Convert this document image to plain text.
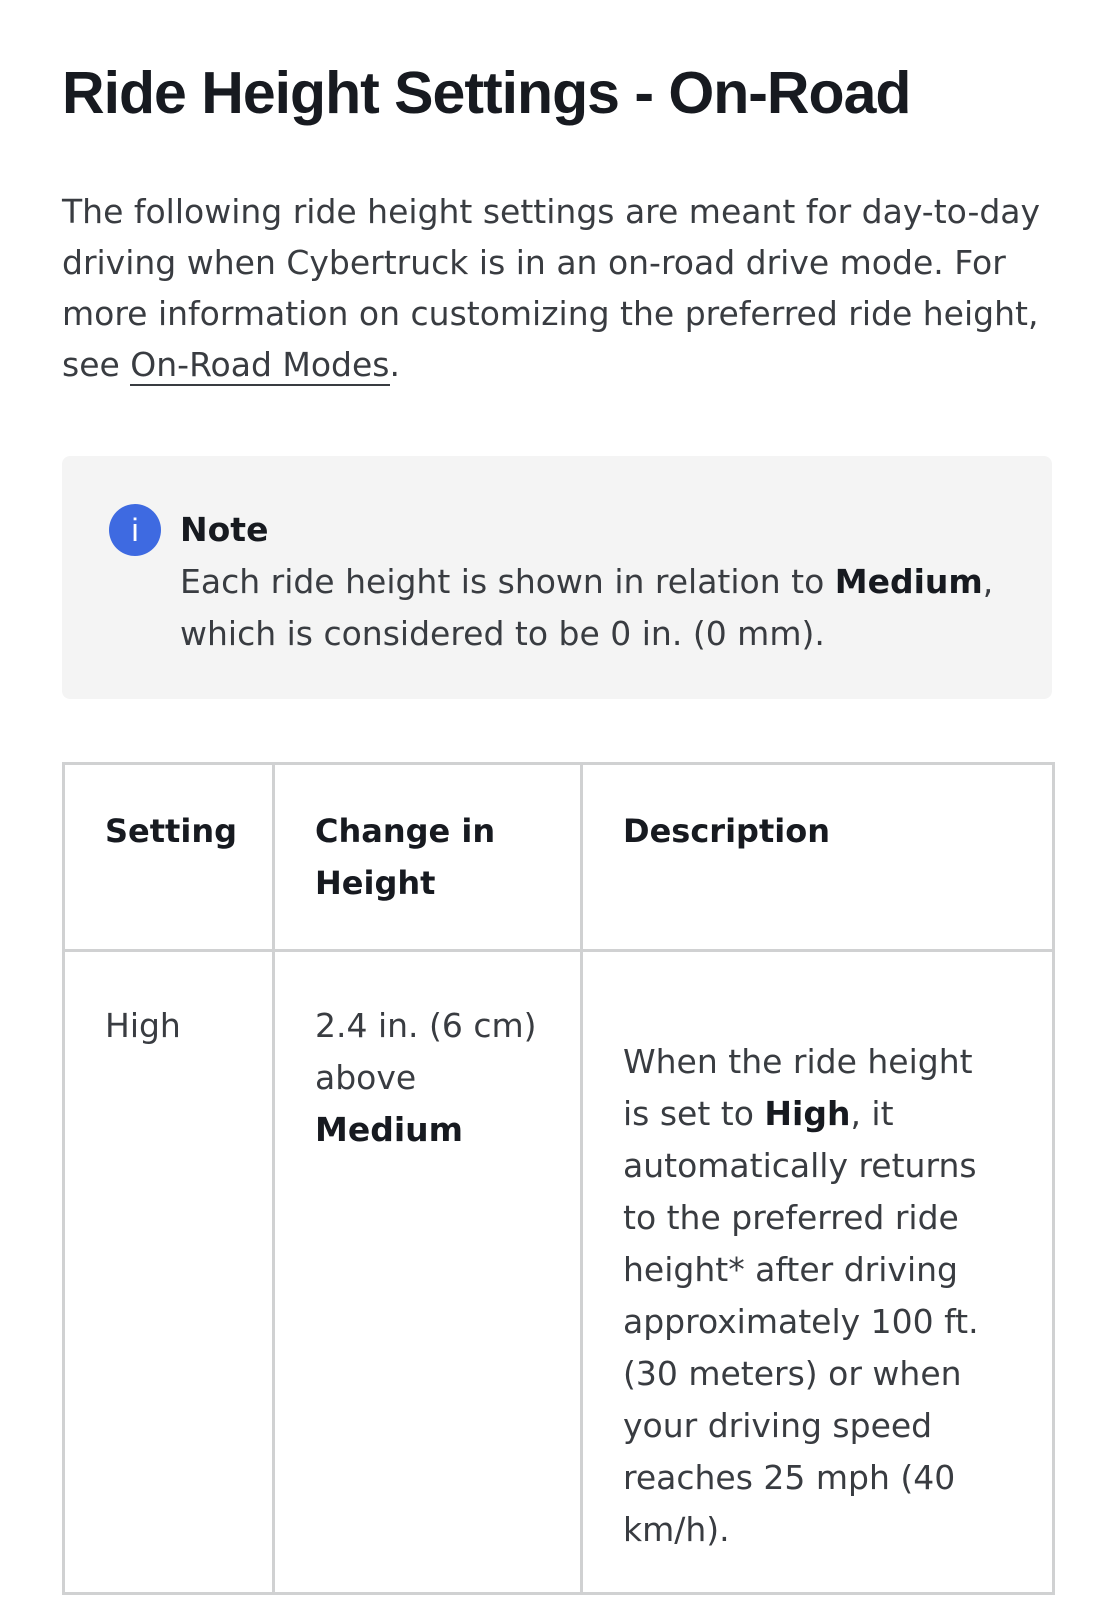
Ride Height Settings - On-Road

The following ride height settings are meant for day-to-day driving when Cybertruck is in an on-road drive mode. For more information on customizing the preferred ride height, see On-Road Modes.

i	Note
Each ride height is shown in relation to Medium, which is considered to be 0 in. (0 mm).
Setting	Change in Height	Description

High	2.4 in. (6 cm) above Medium	When the ride height is set to High, it automatically returns to the preferred ride height* after driving approximately 100 ft. (30 meters) or when your driving speed reaches 25 mph (40 km/h).
